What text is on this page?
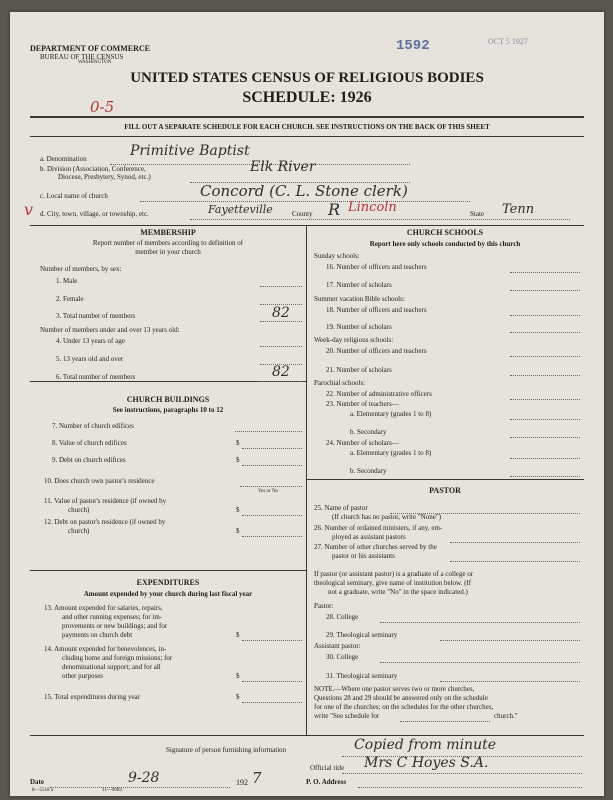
DEPARTMENT OF COMMERCE
BUREAU OF THE CENSUS
WASHINGTON
1592	OCT 5 1927
UNITED STATES CENSUS OF RELIGIOUS BODIES
SCHEDULE: 1926
0-5
FILL OUT A SEPARATE SCHEDULE FOR EACH CHURCH. SEE INSTRUCTIONS ON THE BACK OF THIS SHEET
a. Denomination	Primitive Baptist
b. Division (Association, Conference,
Diocese, Presbytery, Synod, etc.)
Elk River
c. Local name of church	Concord (C. L. Stone clerk)
v d. City, town, village, or township, etc.	Fayetteville	County R Lincoln	State Tenn
MEMBERSHIP
Report number of members according to definition of
member in your church
Number of members, by sex:
1. Male
2. Female
3. Total number of members	82
Number of members under and over 13 years old:
4. Under 13 years of age
5. 13 years old and over
6. Total number of members	82
CHURCH BUILDINGS
See instructions, paragraphs 10 to 12
7. Number of church edifices
8. Value of church edifices	$
9. Debt on church edifices	$
10. Does church own pastor's residence
Yes or No
11. Value of pastor's residence (if owned by
church)	$
12. Debt on pastor's residence (if owned by
church)	$
EXPENDITURES
Amount expended by your church during last fiscal year
13. Amount expended for salaries, repairs,
and other running expenses; for im-
provements or new buildings; and for
payments on church debt	$
14. Amount expended for benevolences, in-
cluding home and foreign missions; for
denominational support; and for all
other purposes	$
15. Total expenditures during year	$
CHURCH SCHOOLS
Report here only schools conducted by this church
Sunday schools:
16. Number of officers and teachers
17. Number of scholars
Summer vacation Bible schools:
18. Number of officers and teachers
19. Number of scholars
Week-day religious schools:
20. Number of officers and teachers
21. Number of scholars
Parochial schools:
22. Number of administrative officers
23. Number of teachers—
a. Elementary (grades 1 to 8)
b. Secondary
24. Number of scholars—
a. Elementary (grades 1 to 8)
b. Secondary
PASTOR
25. Name of pastor
(If church has no pastor, write "None")
26. Number of ordained ministers, if any, em-
ployed as assistant pastors
27. Number of other churches served by the
pastor or his assistants
If pastor (or assistant pastor) is a graduate of a college or
theological seminary, give name of institution below. (If
not a graduate, write "No" in the space indicated.)
Pastor:
28. College
29. Theological seminary
Assistant pastor:
30. College
31. Theological seminary
NOTE.—Where one pastor serves two or more churches,
Questions 28 and 29 should be answered only on the schedule
for one of the churches; on the schedules for the other churches,
write "See schedule for	church."
Signature of person furnishing information	Copied from minute
Official title Mrs C Hoyes S.A.
Date	9-28	192 7	P. O. Address
8—5518 a	11—9084
